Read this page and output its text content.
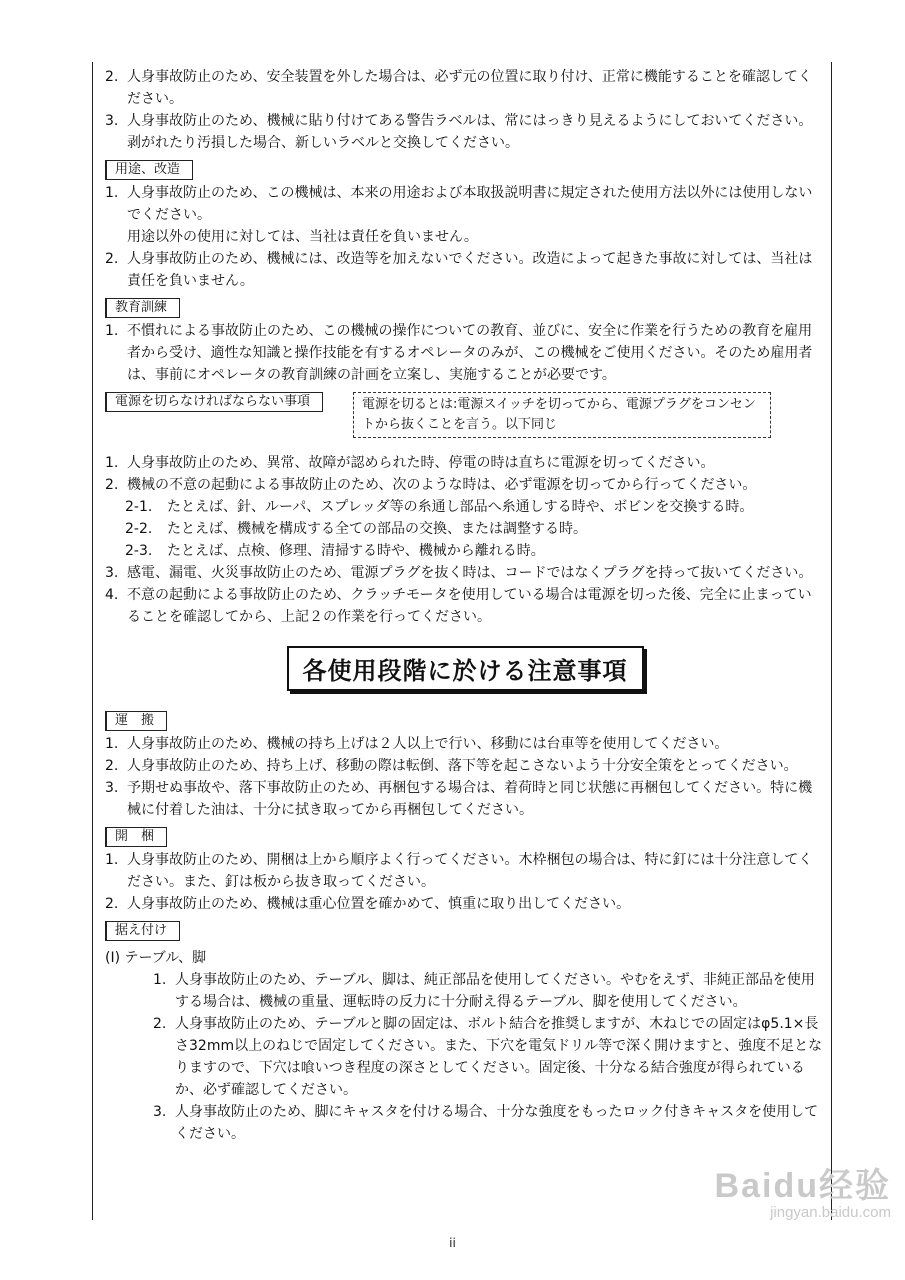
2. 人身事故防止のため、安全装置を外した場合は、必ず元の位置に取り付け、正常に機能することを確認してください。
3. 人身事故防止のため、機械に貼り付けてある警告ラベルは、常にはっきり見えるようにしておいてください。剥がれたり汚損した場合、新しいラベルと交換してください。
用途、改造
1. 人身事故防止のため、この機械は、本来の用途および本取扱説明書に規定された使用方法以外には使用しないでください。
用途以外の使用に対しては、当社は責任を負いません。
2. 人身事故防止のため、機械には、改造等を加えないでください。改造によって起きた事故に対しては、当社は責任を負いません。
教育訓練
1. 不慣れによる事故防止のため、この機械の操作についての教育、並びに、安全に作業を行うための教育を雇用者から受け、適性な知識と操作技能を有するオペレータのみが、この機械をご使用ください。そのため雇用者は、事前にオペレータの教育訓練の計画を立案し、実施することが必要です。
電源を切らなければならない事項	電源を切るとは:電源スイッチを切ってから、電源プラグをコンセントから抜くことを言う。以下同じ
1. 人身事故防止のため、異常、故障が認められた時、停電の時は直ちに電源を切ってください。
2. 機械の不意の起動による事故防止のため、次のような時は、必ず電源を切ってから行ってください。
2-1.	たとえば、針、ルーパ、スプレッダ等の糸通し部品へ糸通しする時や、ボビンを交換する時。
2-2.	たとえば、機械を構成する全ての部品の交換、または調整する時。
2-3.	たとえば、点検、修理、清掃する時や、機械から離れる時。
3. 感電、漏電、火災事故防止のため、電源プラグを抜く時は、コードではなくプラグを持って抜いてください。
4. 不意の起動による事故防止のため、クラッチモータを使用している場合は電源を切った後、完全に止まっていることを確認してから、上記２の作業を行ってください。
各使用段階に於ける注意事項
運　搬
1. 人身事故防止のため、機械の持ち上げは２人以上で行い、移動には台車等を使用してください。
2. 人身事故防止のため、持ち上げ、移動の際は転倒、落下等を起こさないよう十分安全策をとってください。
3. 予期せぬ事故や、落下事故防止のため、再梱包する場合は、着荷時と同じ状態に再梱包してください。特に機械に付着した油は、十分に拭き取ってから再梱包してください。
開　梱
1. 人身事故防止のため、開梱は上から順序よく行ってください。木枠梱包の場合は、特に釘には十分注意してください。また、釘は板から抜き取ってください。
2. 人身事故防止のため、機械は重心位置を確かめて、慎重に取り出してください。
据え付け
(Ⅰ) テーブル、脚
1. 人身事故防止のため、テーブル、脚は、純正部品を使用してください。やむをえず、非純正部品を使用する場合は、機械の重量、運転時の反力に十分耐え得るテーブル、脚を使用してください。
2. 人身事故防止のため、テーブルと脚の固定は、ボルト結合を推奨しますが、木ねじでの固定はφ5.1×長さ32mm以上のねじで固定してください。また、下穴を電気ドリル等で深く開けますと、強度不足となりますので、下穴は喰いつき程度の深さとしてください。固定後、十分なる結合強度が得られているか、必ず確認してください。
3. 人身事故防止のため、脚にキャスタを付ける場合、十分な強度をもったロック付きキャスタを使用してください。
Baidu经验
jingyan.baidu.com
ii
